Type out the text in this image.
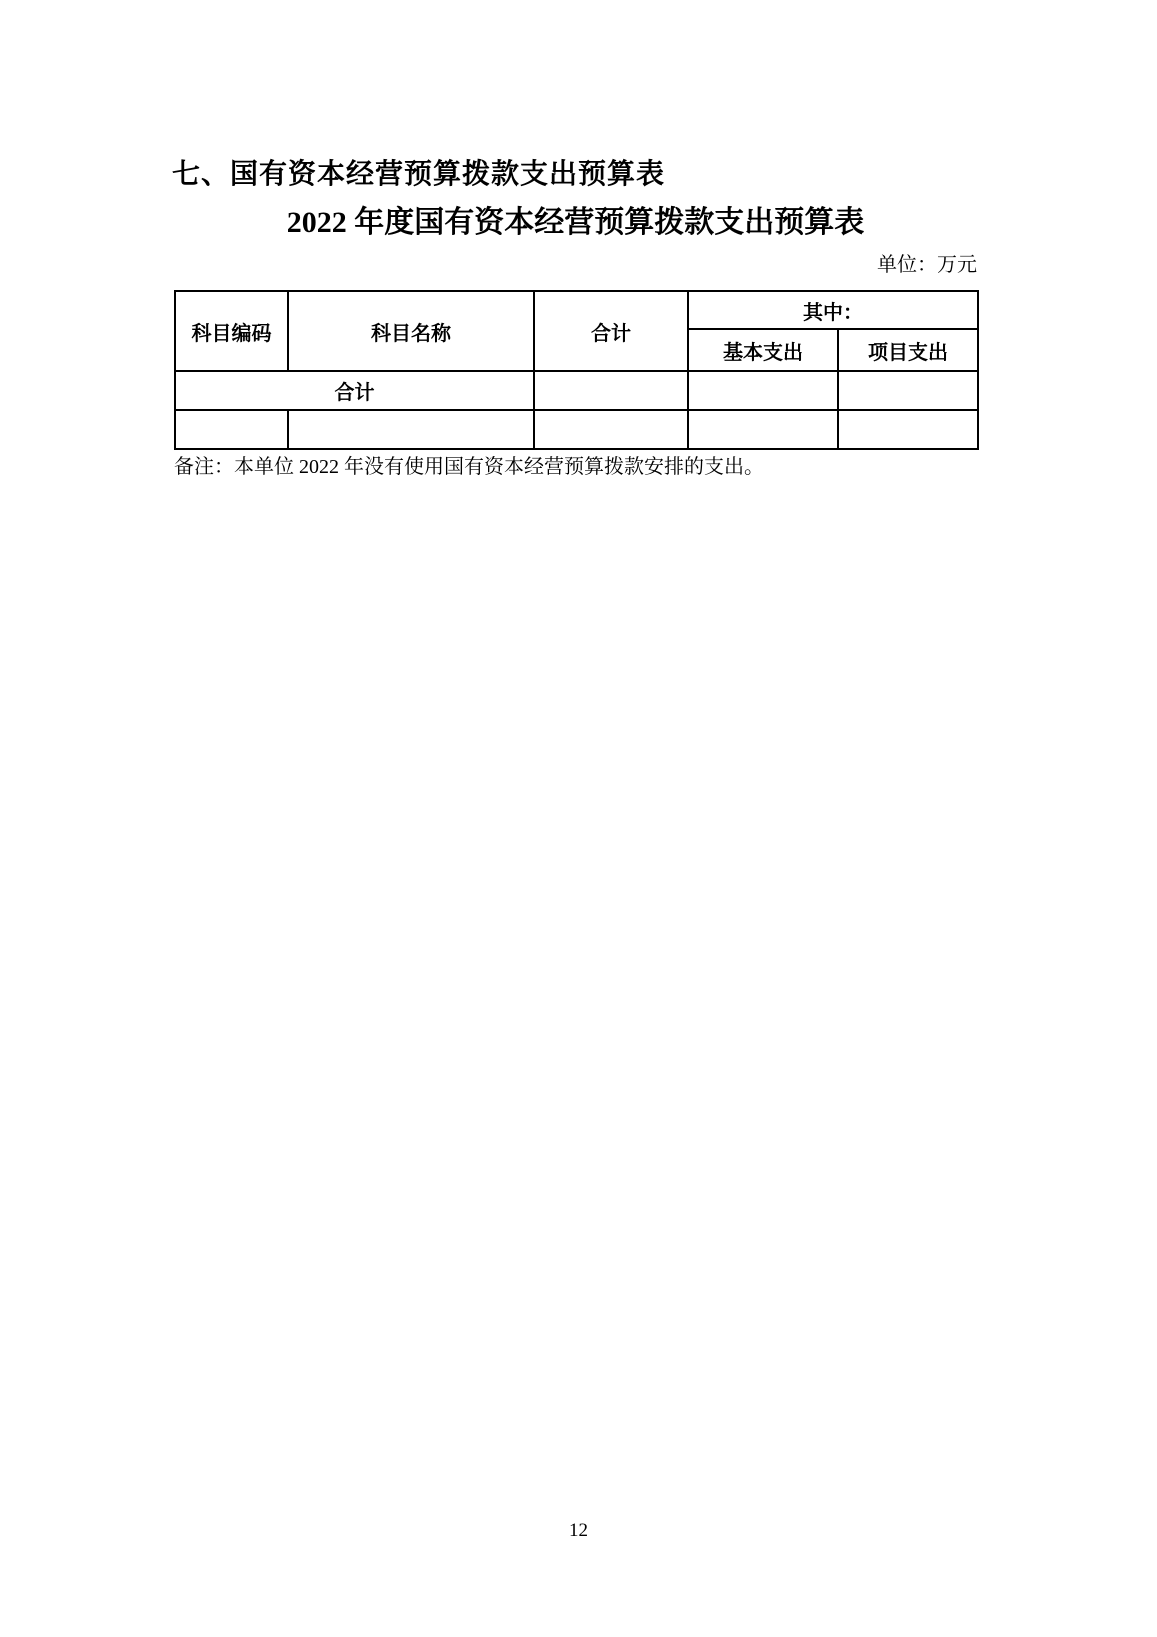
七、国有资本经营预算拨款支出预算表
2022 年度国有资本经营预算拨款支出预算表
单位：万元
科目编码	科目名称	合计	其中：	
			基本支出	项目支出
合计				

备注：本单位 2022 年没有使用国有资本经营预算拨款安排的支出。
12
